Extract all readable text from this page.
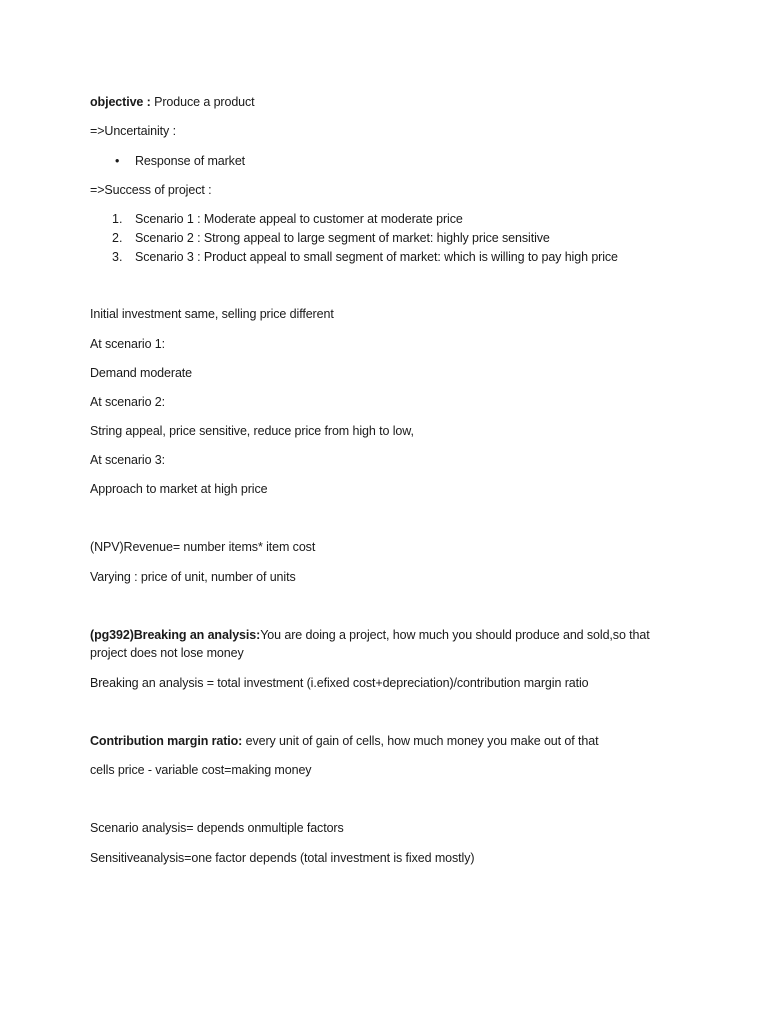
objective : Produce a product
=>Uncertainity :
• Response of market
=>Success of project :
1. Scenario 1 : Moderate appeal to customer at moderate price
2. Scenario 2 : Strong appeal to large segment of market: highly price sensitive
3. Scenario 3 : Product appeal to small segment of market: which is willing to pay high price
Initial investment same, selling price different
At scenario 1:
Demand moderate
At scenario 2:
String appeal, price sensitive, reduce price from high to low,
At scenario 3:
Approach to market at high price
(NPV)Revenue= number items* item cost
Varying : price of unit, number of units
(pg392)Breaking an analysis:You are doing a project, how much you should produce and sold,so that project does not lose money
Breaking an analysis = total investment (i.efixed cost+depreciation)/contribution margin ratio
Contribution margin ratio: every unit of gain of cells, how much money you make out of that
cells price - variable cost=making money
Scenario analysis= depends onmultiple factors
Sensitiveanalysis=one factor depends (total investment is fixed mostly)
